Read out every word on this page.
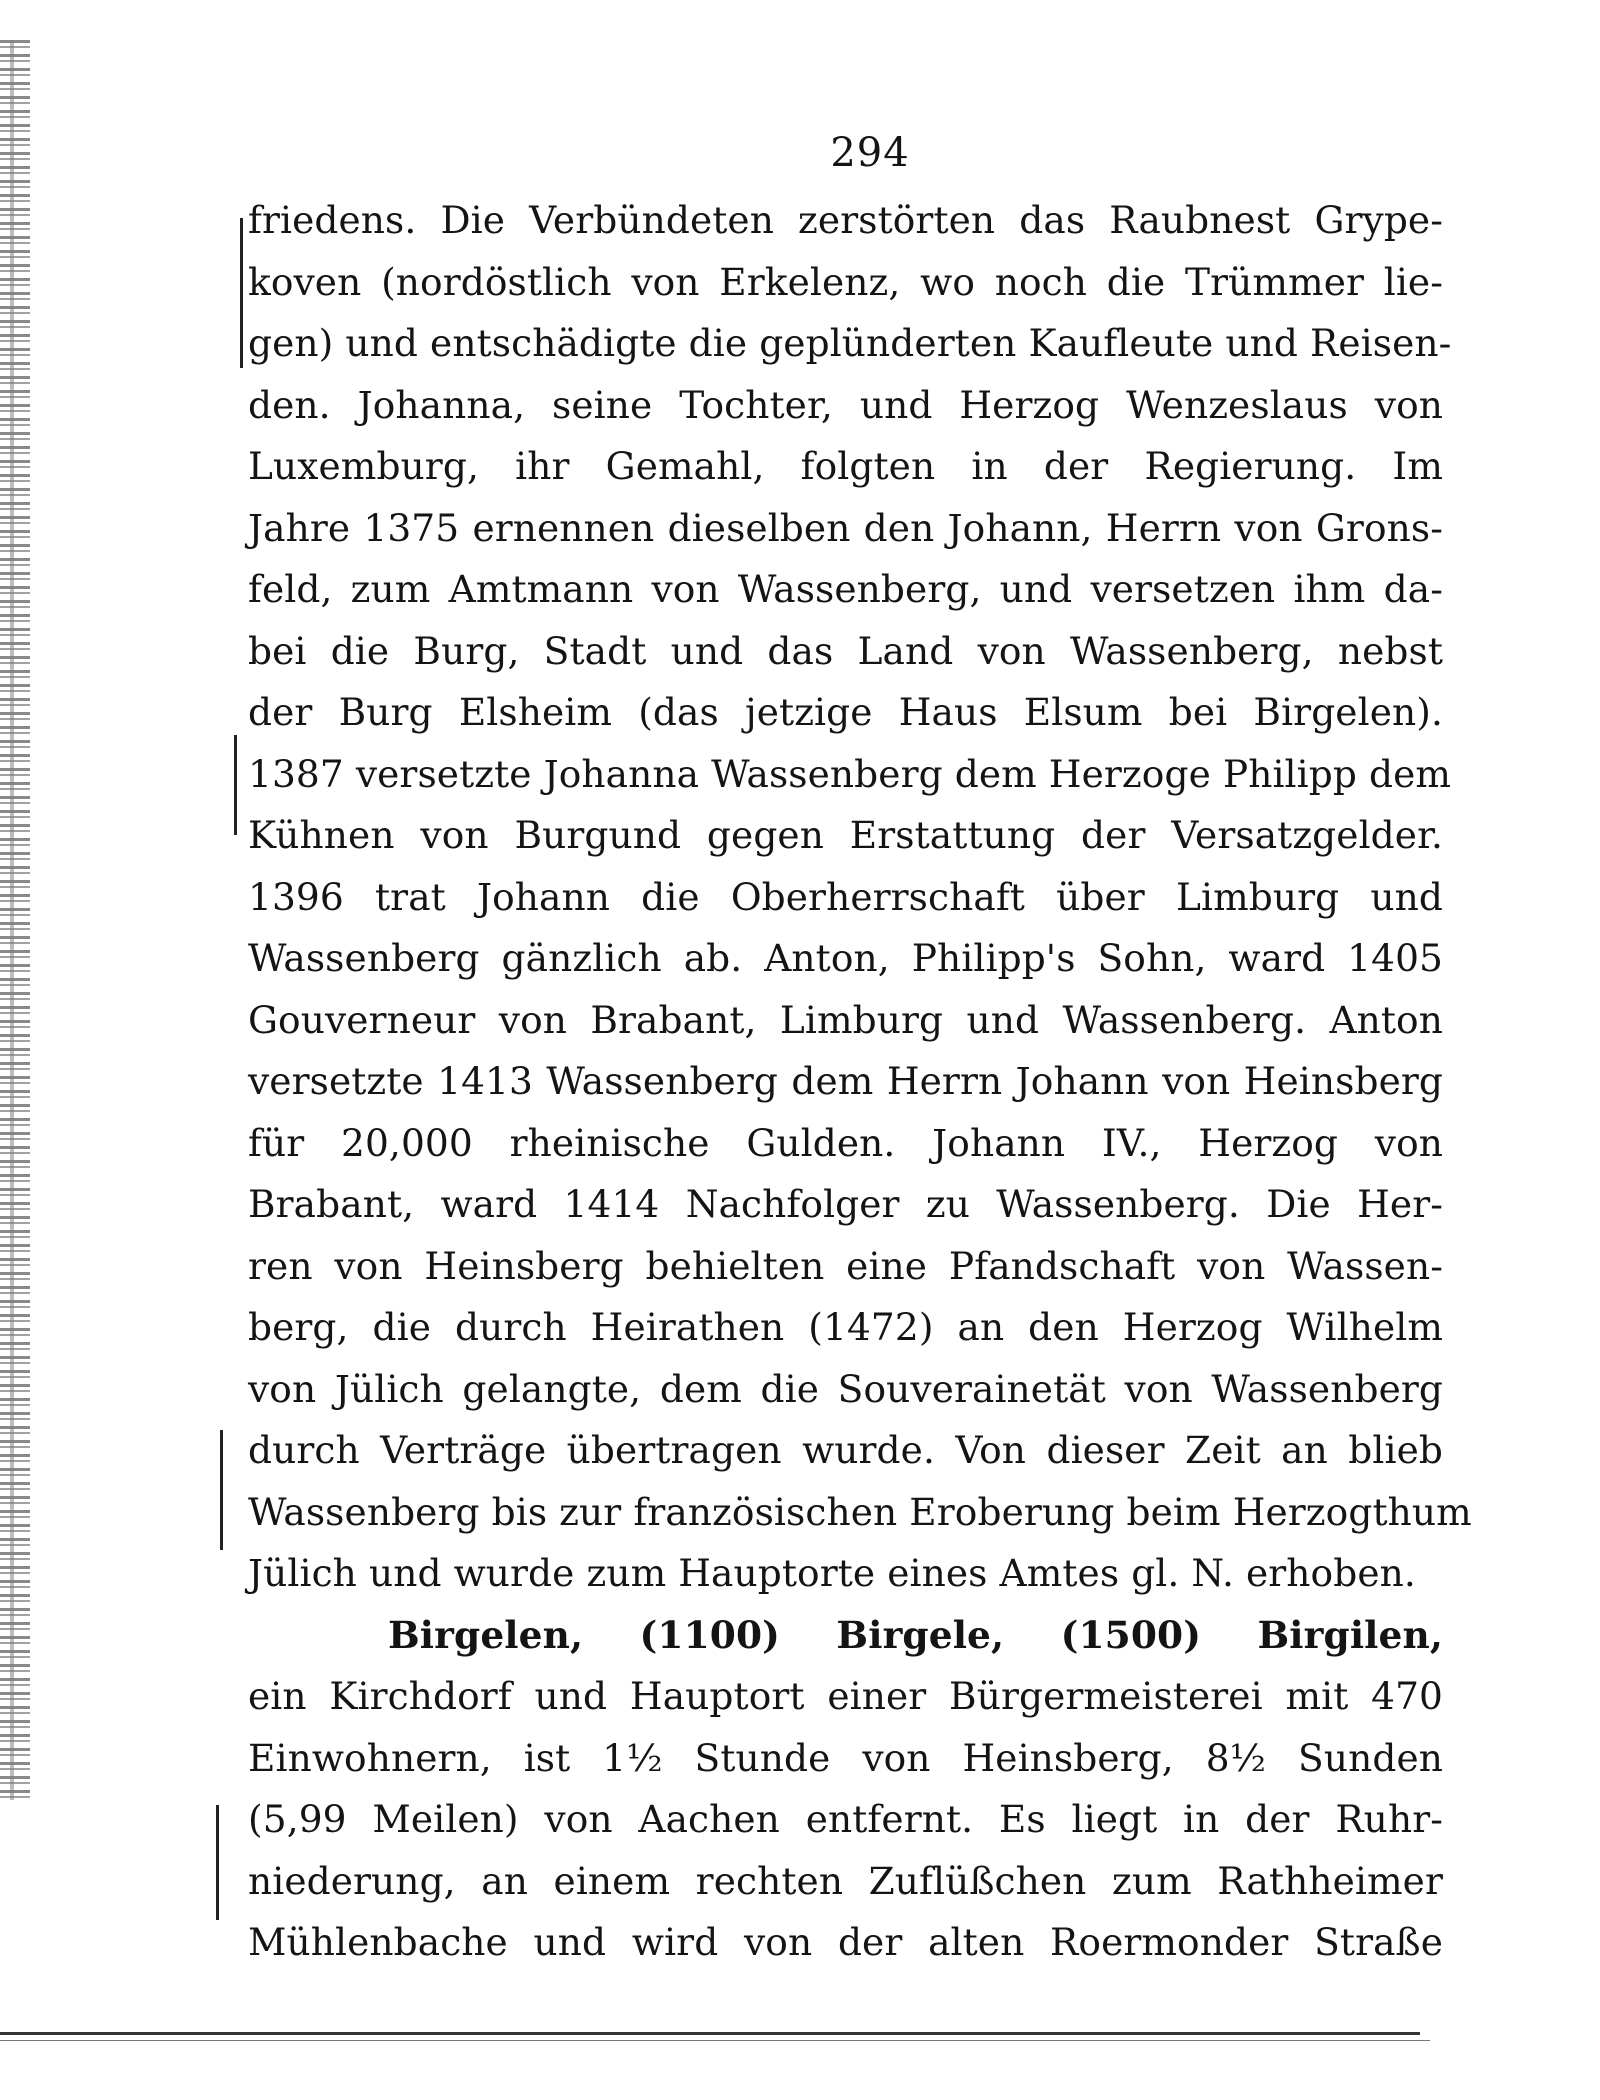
294
friedens. Die Verbündeten zerstörten das Raubnest Grype-
koven (nordöstlich von Erkelenz, wo noch die Trümmer lie-
gen) und entschädigte die geplünderten Kaufleute und Reisen-
den. Johanna, seine Tochter, und Herzog Wenzeslaus von
Luxemburg, ihr Gemahl, folgten in der Regierung. Im
Jahre 1375 ernennen dieselben den Johann, Herrn von Grons-
feld, zum Amtmann von Wassenberg, und versetzen ihm da-
bei die Burg, Stadt und das Land von Wassenberg, nebst
der Burg Elsheim (das jetzige Haus Elsum bei Birgelen).
1387 versetzte Johanna Wassenberg dem Herzoge Philipp dem
Kühnen von Burgund gegen Erstattung der Versatzgelder.
1396 trat Johann die Oberherrschaft über Limburg und
Wassenberg gänzlich ab. Anton, Philipp's Sohn, ward 1405
Gouverneur von Brabant, Limburg und Wassenberg. Anton
versetzte 1413 Wassenberg dem Herrn Johann von Heinsberg
für 20,000 rheinische Gulden. Johann IV., Herzog von
Brabant, ward 1414 Nachfolger zu Wassenberg. Die Her-
ren von Heinsberg behielten eine Pfandschaft von Wassen-
berg, die durch Heirathen (1472) an den Herzog Wilhelm
von Jülich gelangte, dem die Souverainetät von Wassenberg
durch Verträge übertragen wurde. Von dieser Zeit an blieb
Wassenberg bis zur französischen Eroberung beim Herzogthum
Jülich und wurde zum Hauptorte eines Amtes gl. N. erhoben.
Birgelen, (1100) Birgele, (1500) Birgilen,
ein Kirchdorf und Hauptort einer Bürgermeisterei mit 470
Einwohnern, ist 1½ Stunde von Heinsberg, 8½ Sunden
(5,99 Meilen) von Aachen entfernt. Es liegt in der Ruhr-
niederung, an einem rechten Zuflüßchen zum Rathheimer
Mühlenbache und wird von der alten Roermonder Straße
